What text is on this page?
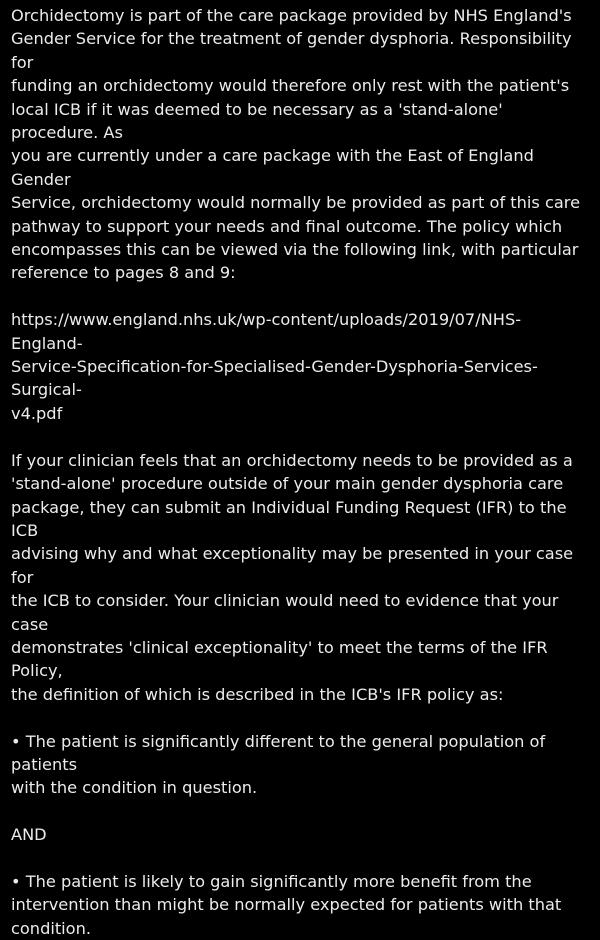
Orchidectomy is part of the care package provided by NHS England's
Gender Service for the treatment of gender dysphoria. Responsibility for
funding an orchidectomy would therefore only rest with the patient's
local ICB if it was deemed to be necessary as a 'stand-alone' procedure. As
you are currently under a care package with the East of England Gender
Service, orchidectomy would normally be provided as part of this care
pathway to support your needs and final outcome. The policy which
encompasses this can be viewed via the following link, with particular
reference to pages 8 and 9:

https://www.england.nhs.uk/wp-content/uploads/2019/07/NHS-England-
Service-Specification-for-Specialised-Gender-Dysphoria-Services-Surgical-
v4.pdf

If your clinician feels that an orchidectomy needs to be provided as a
'stand-alone' procedure outside of your main gender dysphoria care
package, they can submit an Individual Funding Request (IFR) to the ICB
advising why and what exceptionality may be presented in your case for
the ICB to consider. Your clinician would need to evidence that your case
demonstrates 'clinical exceptionality' to meet the terms of the IFR Policy,
the definition of which is described in the ICB's IFR policy as:

• The patient is significantly different to the general population of patients
with the condition in question.

AND

• The patient is likely to gain significantly more benefit from the
intervention than might be normally expected for patients with that
condition.
